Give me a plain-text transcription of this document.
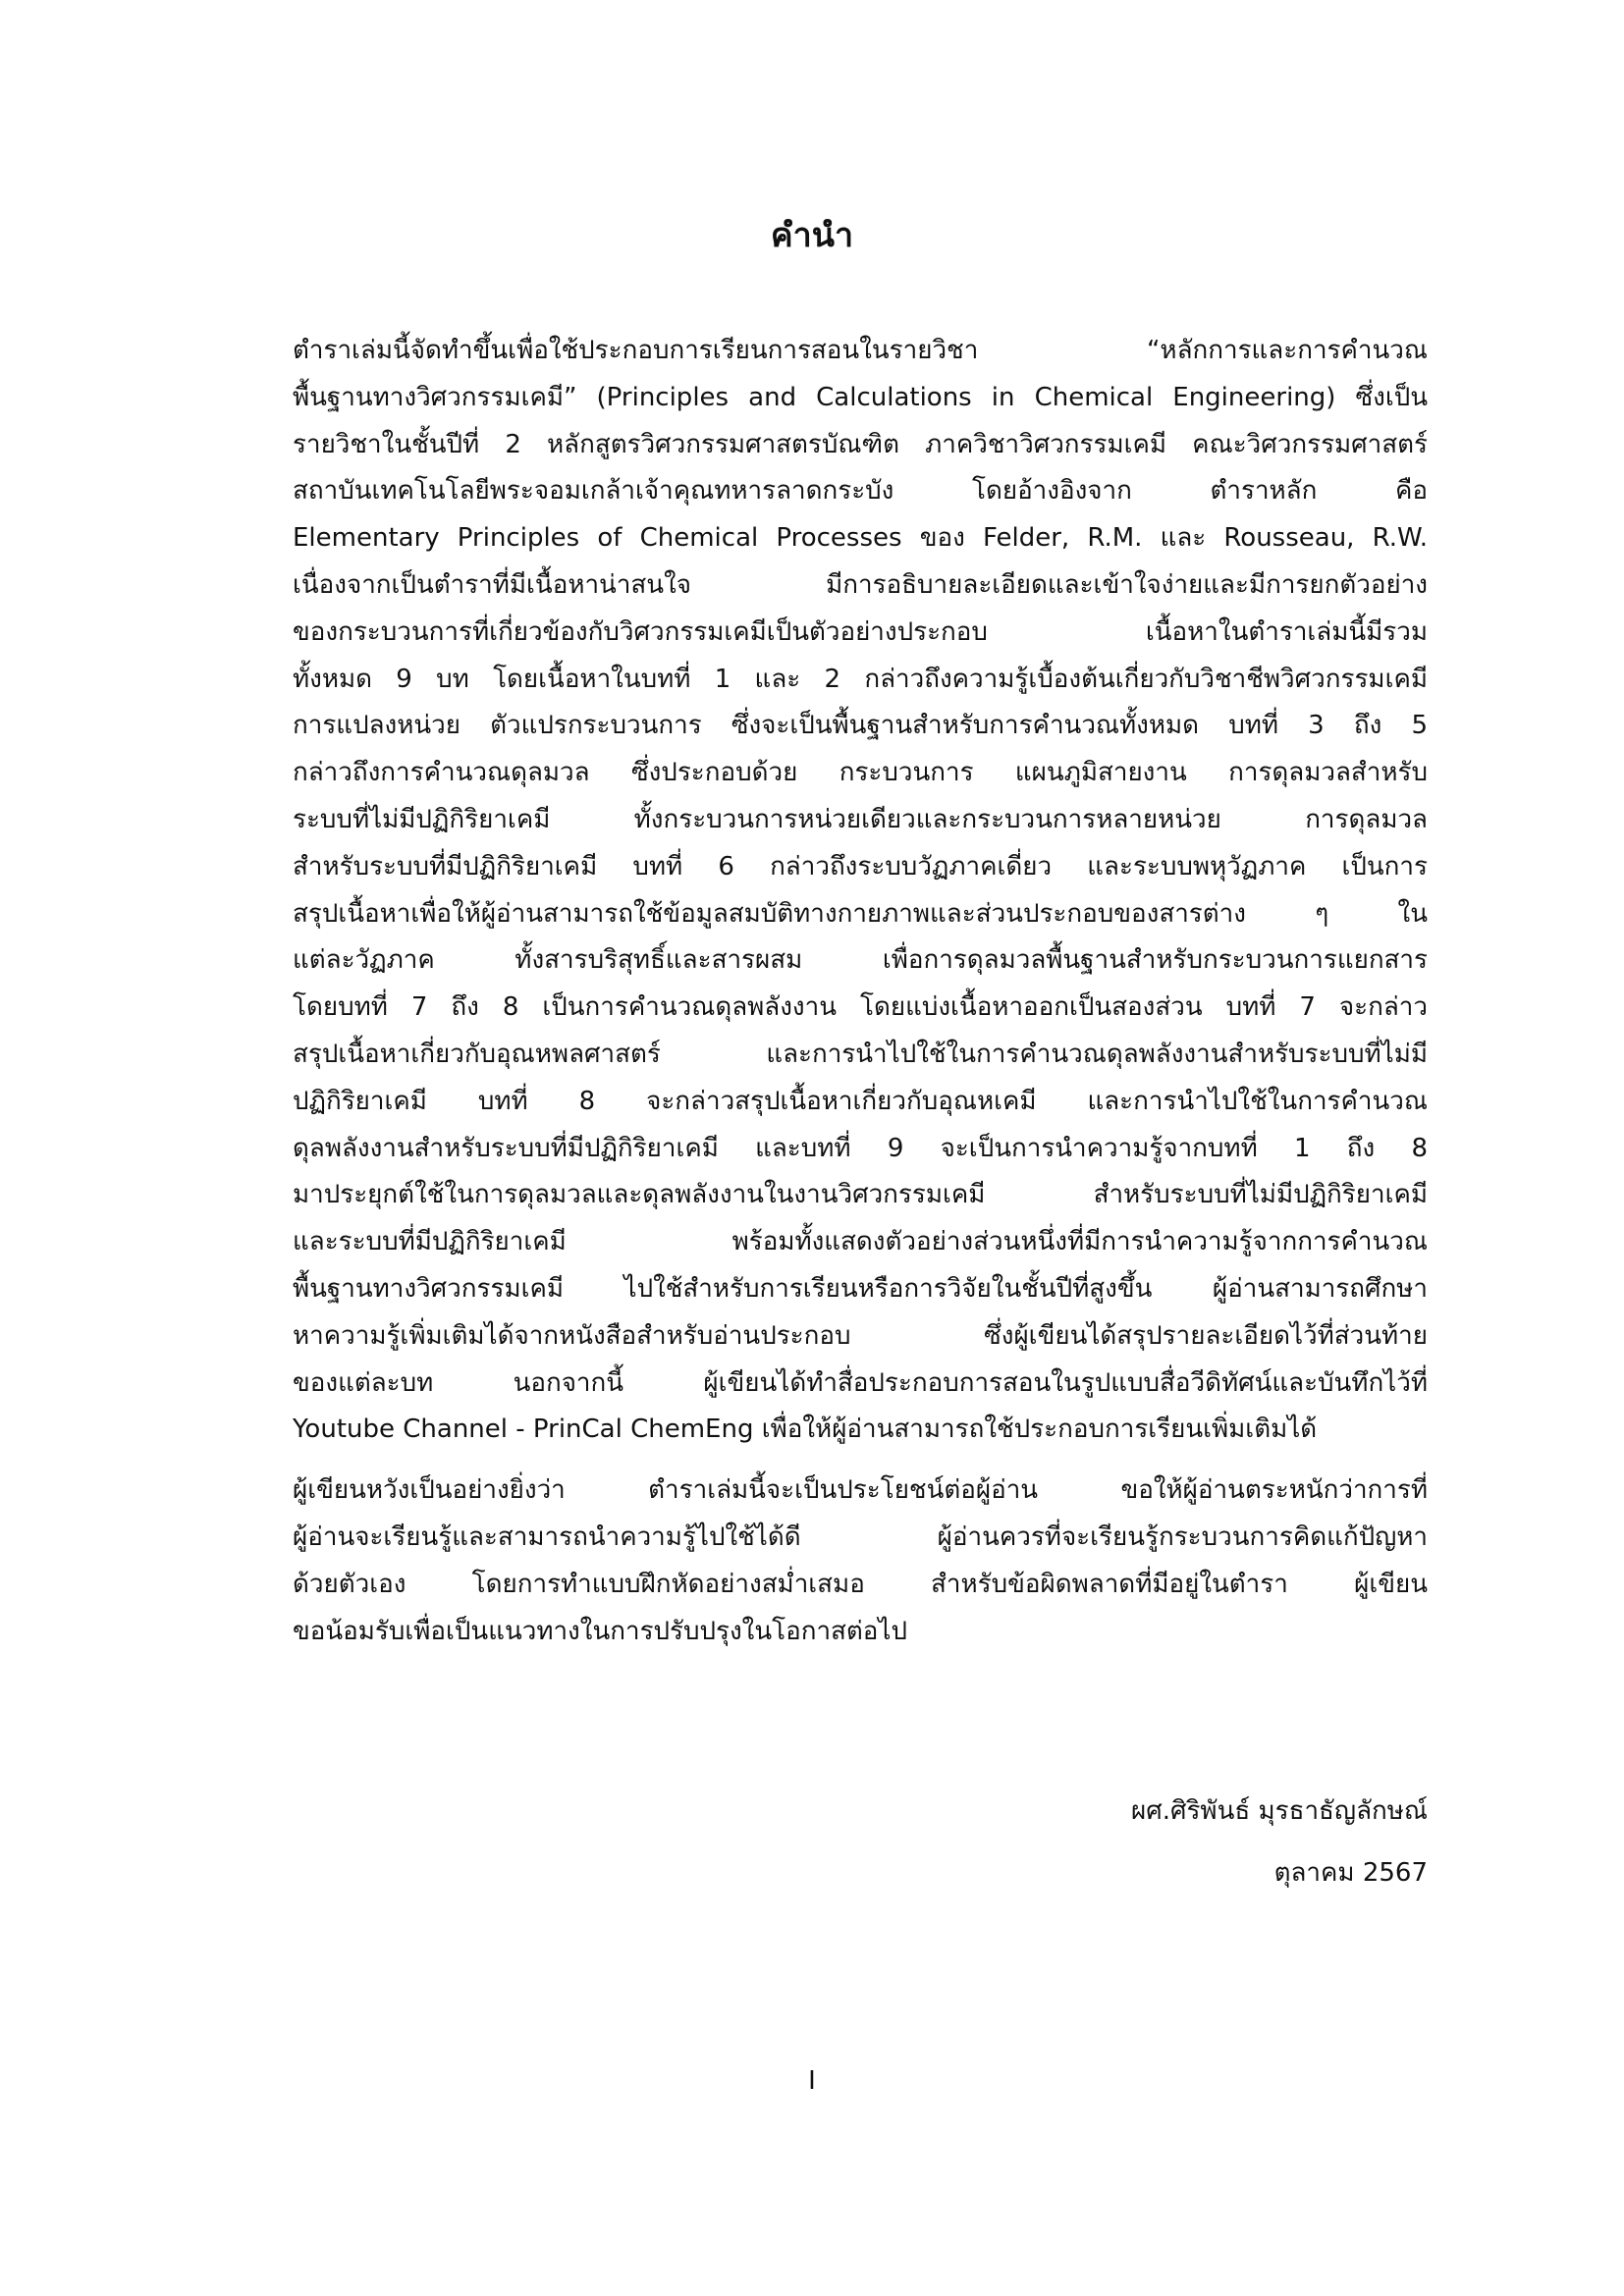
คำนำ
ตำราเล่มนี้จัดทำขึ้นเพื่อใช้ประกอบการเรียนการสอนในรายวิชา “หลักการและการคำนวณ
พื้นฐานทางวิศวกรรมเคมี” (Principles and Calculations in Chemical Engineering) ซึ่งเป็น
รายวิชาในชั้นปีที่ 2 หลักสูตรวิศวกรรมศาสตรบัณฑิต ภาควิชาวิศวกรรมเคมี คณะวิศวกรรมศาสตร์
สถาบันเทคโนโลยีพระจอมเกล้าเจ้าคุณทหารลาดกระบัง โดยอ้างอิงจาก ตำราหลัก คือ
Elementary Principles of Chemical Processes ของ Felder, R.M. และ Rousseau, R.W.
เนื่องจากเป็นตำราที่มีเนื้อหาน่าสนใจ มีการอธิบายละเอียดและเข้าใจง่ายและมีการยกตัวอย่าง
ของกระบวนการที่เกี่ยวข้องกับวิศวกรรมเคมีเป็นตัวอย่างประกอบ เนื้อหาในตำราเล่มนี้มีรวม
ทั้งหมด 9 บท โดยเนื้อหาในบทที่ 1 และ 2 กล่าวถึงความรู้เบื้องต้นเกี่ยวกับวิชาชีพวิศวกรรมเคมี
การแปลงหน่วย ตัวแปรกระบวนการ ซึ่งจะเป็นพื้นฐานสำหรับการคำนวณทั้งหมด บทที่ 3 ถึง 5
กล่าวถึงการคำนวณดุลมวล ซึ่งประกอบด้วย กระบวนการ แผนภูมิสายงาน การดุลมวลสำหรับ
ระบบที่ไม่มีปฏิกิริยาเคมี ทั้งกระบวนการหน่วยเดียวและกระบวนการหลายหน่วย การดุลมวล
สำหรับระบบที่มีปฏิกิริยาเคมี บทที่ 6 กล่าวถึงระบบวัฏภาคเดี่ยว และระบบพหุวัฏภาค เป็นการ
สรุปเนื้อหาเพื่อให้ผู้อ่านสามารถใช้ข้อมูลสมบัติทางกายภาพและส่วนประกอบของสารต่าง ๆ ใน
แต่ละวัฏภาค ทั้งสารบริสุทธิ์และสารผสม เพื่อการดุลมวลพื้นฐานสำหรับกระบวนการแยกสาร
โดยบทที่ 7 ถึง 8 เป็นการคำนวณดุลพลังงาน โดยแบ่งเนื้อหาออกเป็นสองส่วน บทที่ 7 จะกล่าว
สรุปเนื้อหาเกี่ยวกับอุณหพลศาสตร์ และการนำไปใช้ในการคำนวณดุลพลังงานสำหรับระบบที่ไม่มี
ปฏิกิริยาเคมี บทที่ 8 จะกล่าวสรุปเนื้อหาเกี่ยวกับอุณหเคมี และการนำไปใช้ในการคำนวณ
ดุลพลังงานสำหรับระบบที่มีปฏิกิริยาเคมี และบทที่ 9 จะเป็นการนำความรู้จากบทที่ 1 ถึง 8
มาประยุกต์ใช้ในการดุลมวลและดุลพลังงานในงานวิศวกรรมเคมี สำหรับระบบที่ไม่มีปฏิกิริยาเคมี
และระบบที่มีปฏิกิริยาเคมี พร้อมทั้งแสดงตัวอย่างส่วนหนึ่งที่มีการนำความรู้จากการคำนวณ
พื้นฐานทางวิศวกรรมเคมี ไปใช้สำหรับการเรียนหรือการวิจัยในชั้นปีที่สูงขึ้น ผู้อ่านสามารถศึกษา
หาความรู้เพิ่มเติมได้จากหนังสือสำหรับอ่านประกอบ ซึ่งผู้เขียนได้สรุปรายละเอียดไว้ที่ส่วนท้าย
ของแต่ละบท นอกจากนี้ ผู้เขียนได้ทำสื่อประกอบการสอนในรูปแบบสื่อวีดิทัศน์และบันทึกไว้ที่
Youtube Channel - PrinCal ChemEng เพื่อให้ผู้อ่านสามารถใช้ประกอบการเรียนเพิ่มเติมได้
ผู้เขียนหวังเป็นอย่างยิ่งว่า ตำราเล่มนี้จะเป็นประโยชน์ต่อผู้อ่าน ขอให้ผู้อ่านตระหนักว่าการที่
ผู้อ่านจะเรียนรู้และสามารถนำความรู้ไปใช้ได้ดี ผู้อ่านควรที่จะเรียนรู้กระบวนการคิดแก้ปัญหา
ด้วยตัวเอง โดยการทำแบบฝึกหัดอย่างสม่ำเสมอ สำหรับข้อผิดพลาดที่มีอยู่ในตำรา ผู้เขียน
ขอน้อมรับเพื่อเป็นแนวทางในการปรับปรุงในโอกาสต่อไป
ผศ.ศิริพันธ์ มุรธาธัญลักษณ์
ตุลาคม 2567
I
